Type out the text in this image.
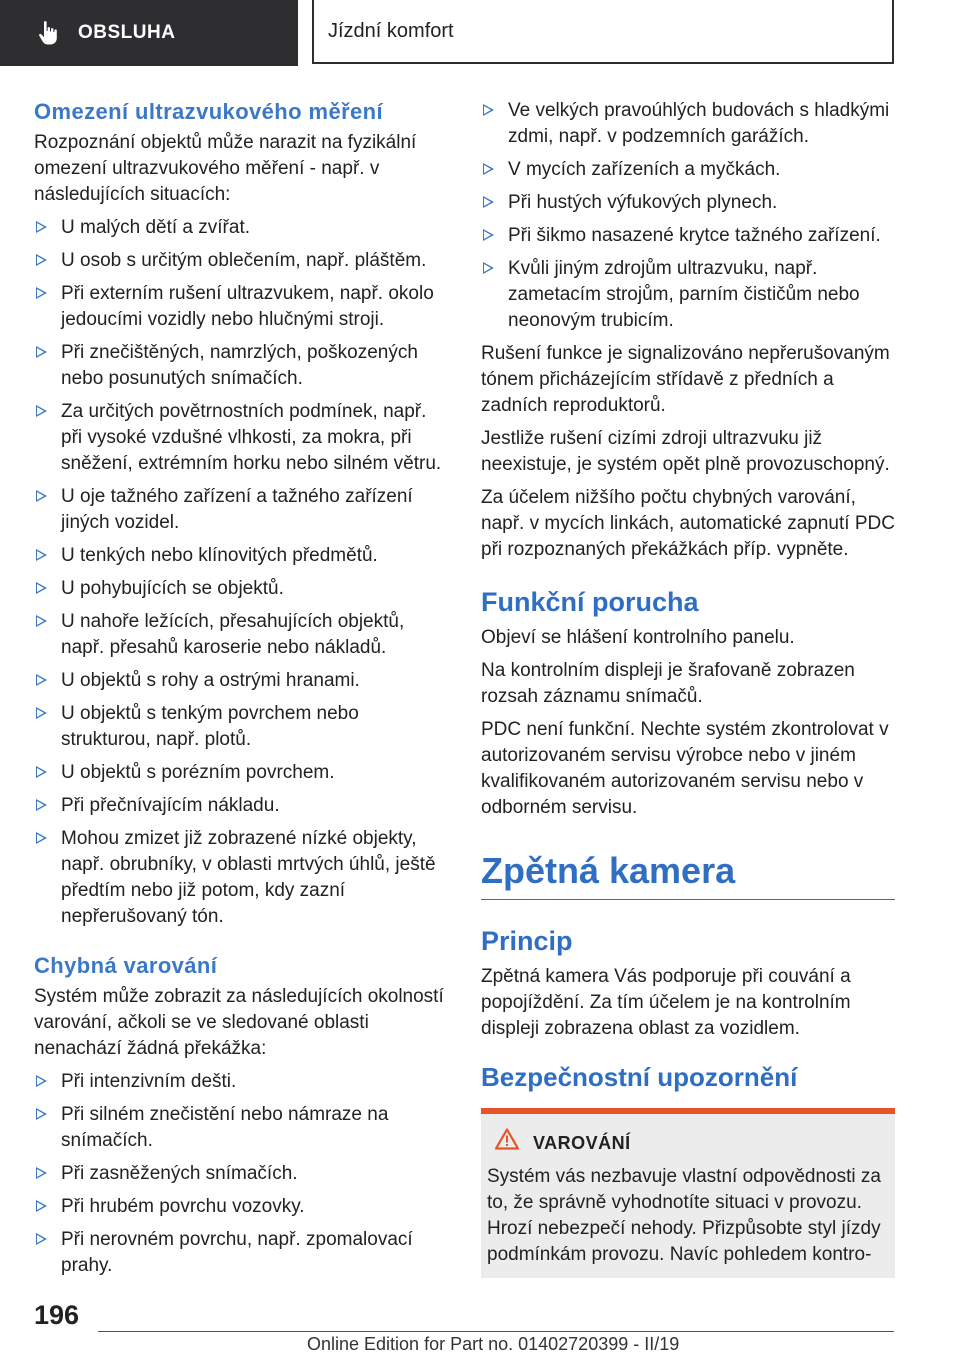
OBSLUHA	Jízdní komfort
Omezení ultrazvukového měření
Rozpoznání objektů může narazit na fyzikální omezení ultrazvukového měření - např. v následujících situacích:
U malých dětí a zvířat.
U osob s určitým oblečením, např. pláštěm.
Při externím rušení ultrazvukem, např. okolo jedoucími vozidly nebo hlučnými stroji.
Při znečištěných, namrzlých, poškozených nebo posunutých snímačích.
Za určitých povětrnostních podmínek, např. při vysoké vzdušné vlhkosti, za mokra, při sněžení, extrémním horku nebo silném větru.
U oje tažného zařízení a tažného zařízení jiných vozidel.
U tenkých nebo klínovitých předmětů.
U pohybujících se objektů.
U nahoře ležících, přesahujících objektů, např. přesahů karoserie nebo nákladů.
U objektů s rohy a ostrými hranami.
U objektů s tenkým povrchem nebo strukturou, např. plotů.
U objektů s porézním povrchem.
Při přečnívajícím nákladu.
Mohou zmizet již zobrazené nízké objekty, např. obrubníky, v oblasti mrtvých úhlů, ještě předtím nebo již potom, kdy zazní nepřerušovaný tón.
Chybná varování
Systém může zobrazit za následujících okolností varování, ačkoli se ve sledované oblasti nenachází žádná překážka:
Při intenzivním dešti.
Při silném znečistění nebo námraze na snímačích.
Při zasněžených snímačích.
Při hrubém povrchu vozovky.
Při nerovném povrchu, např. zpomalovací prahy.
Ve velkých pravoúhlých budovách s hladkými zdmi, např. v podzemních garážích.
V mycích zařízeních a myčkách.
Při hustých výfukových plynech.
Při šikmo nasazené krytce tažného zařízení.
Kvůli jiným zdrojům ultrazvuku, např. zametacím strojům, parním čističům nebo neonovým trubicím.
Rušení funkce je signalizováno nepřerušovaným tónem přicházejícím střídavě z předních a zadních reproduktorů.
Jestliže rušení cizími zdroji ultrazvuku již neexistuje, je systém opět plně provozuschopný.
Za účelem nižšího počtu chybných varování, např. v mycích linkách, automatické zapnutí PDC při rozpoznaných překážkách příp. vypněte.
Funkční porucha
Objeví se hlášení kontrolního panelu.
Na kontrolním displeji je šrafovaně zobrazen rozsah záznamu snímačů.
PDC není funkční. Nechte systém zkontrolovat v autorizovaném servisu výrobce nebo v jiném kvalifikovaném autorizovaném servisu nebo v odborném servisu.
Zpětná kamera
Princip
Zpětná kamera Vás podporuje při couvání a popojíždění. Za tím účelem je na kontrolním displeji zobrazena oblast za vozidlem.
Bezpečnostní upozornění
VAROVÁNÍ
Systém vás nezbavuje vlastní odpovědnosti za to, že správně vyhodnotíte situaci v provozu. Hrozí nebezpečí nehody. Přizpůsobte styl jízdy podmínkám provozu. Navíc pohledem kontro-
196
Online Edition for Part no. 01402720399 - II/19
